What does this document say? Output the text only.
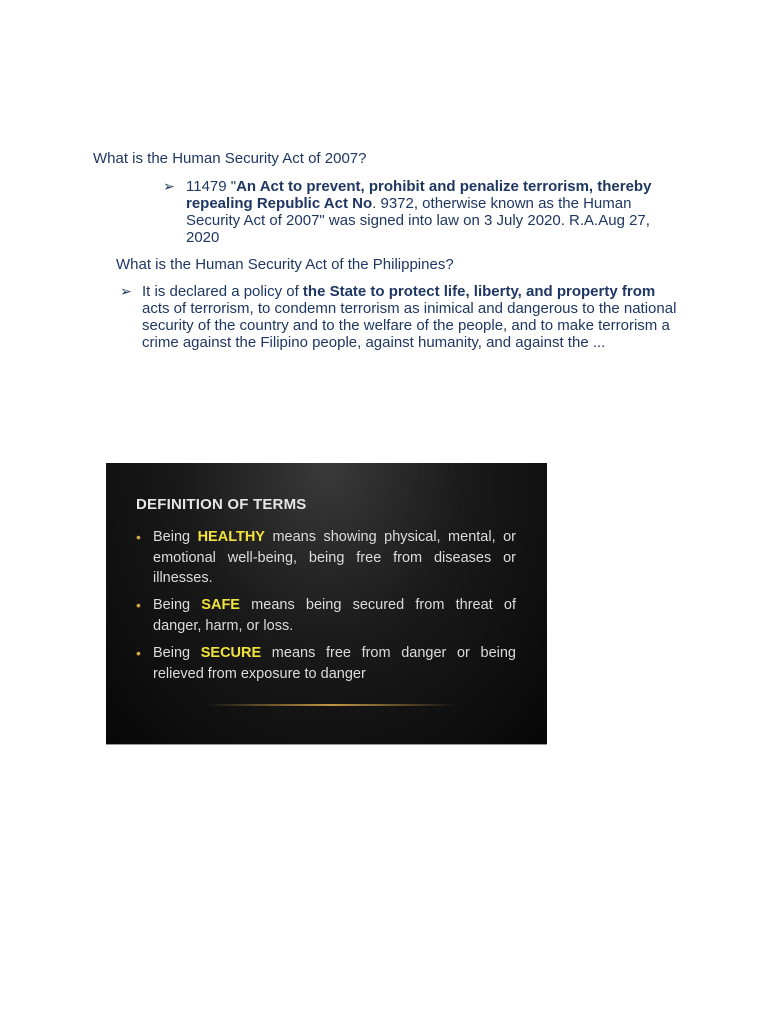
What is the Human Security Act of 2007?

➢ 11479 "An Act to prevent, prohibit and penalize terrorism, thereby repealing Republic Act No. 9372, otherwise known as the Human Security Act of 2007" was signed into law on 3 July 2020. R.A.Aug 27, 2020

What is the Human Security Act of the Philippines?

➢ It is declared a policy of the State to protect life, liberty, and property from acts of terrorism, to condemn terrorism as inimical and dangerous to the national security of the country and to the welfare of the people, and to make terrorism a crime against the Filipino people, against humanity, and against the ...
DEFINITION OF TERMS
• Being HEALTHY means showing physical, mental, or emotional well-being, being free from diseases or illnesses.
• Being SAFE means being secured from threat of danger, harm, or loss.
• Being SECURE means free from danger or being relieved from exposure to danger
